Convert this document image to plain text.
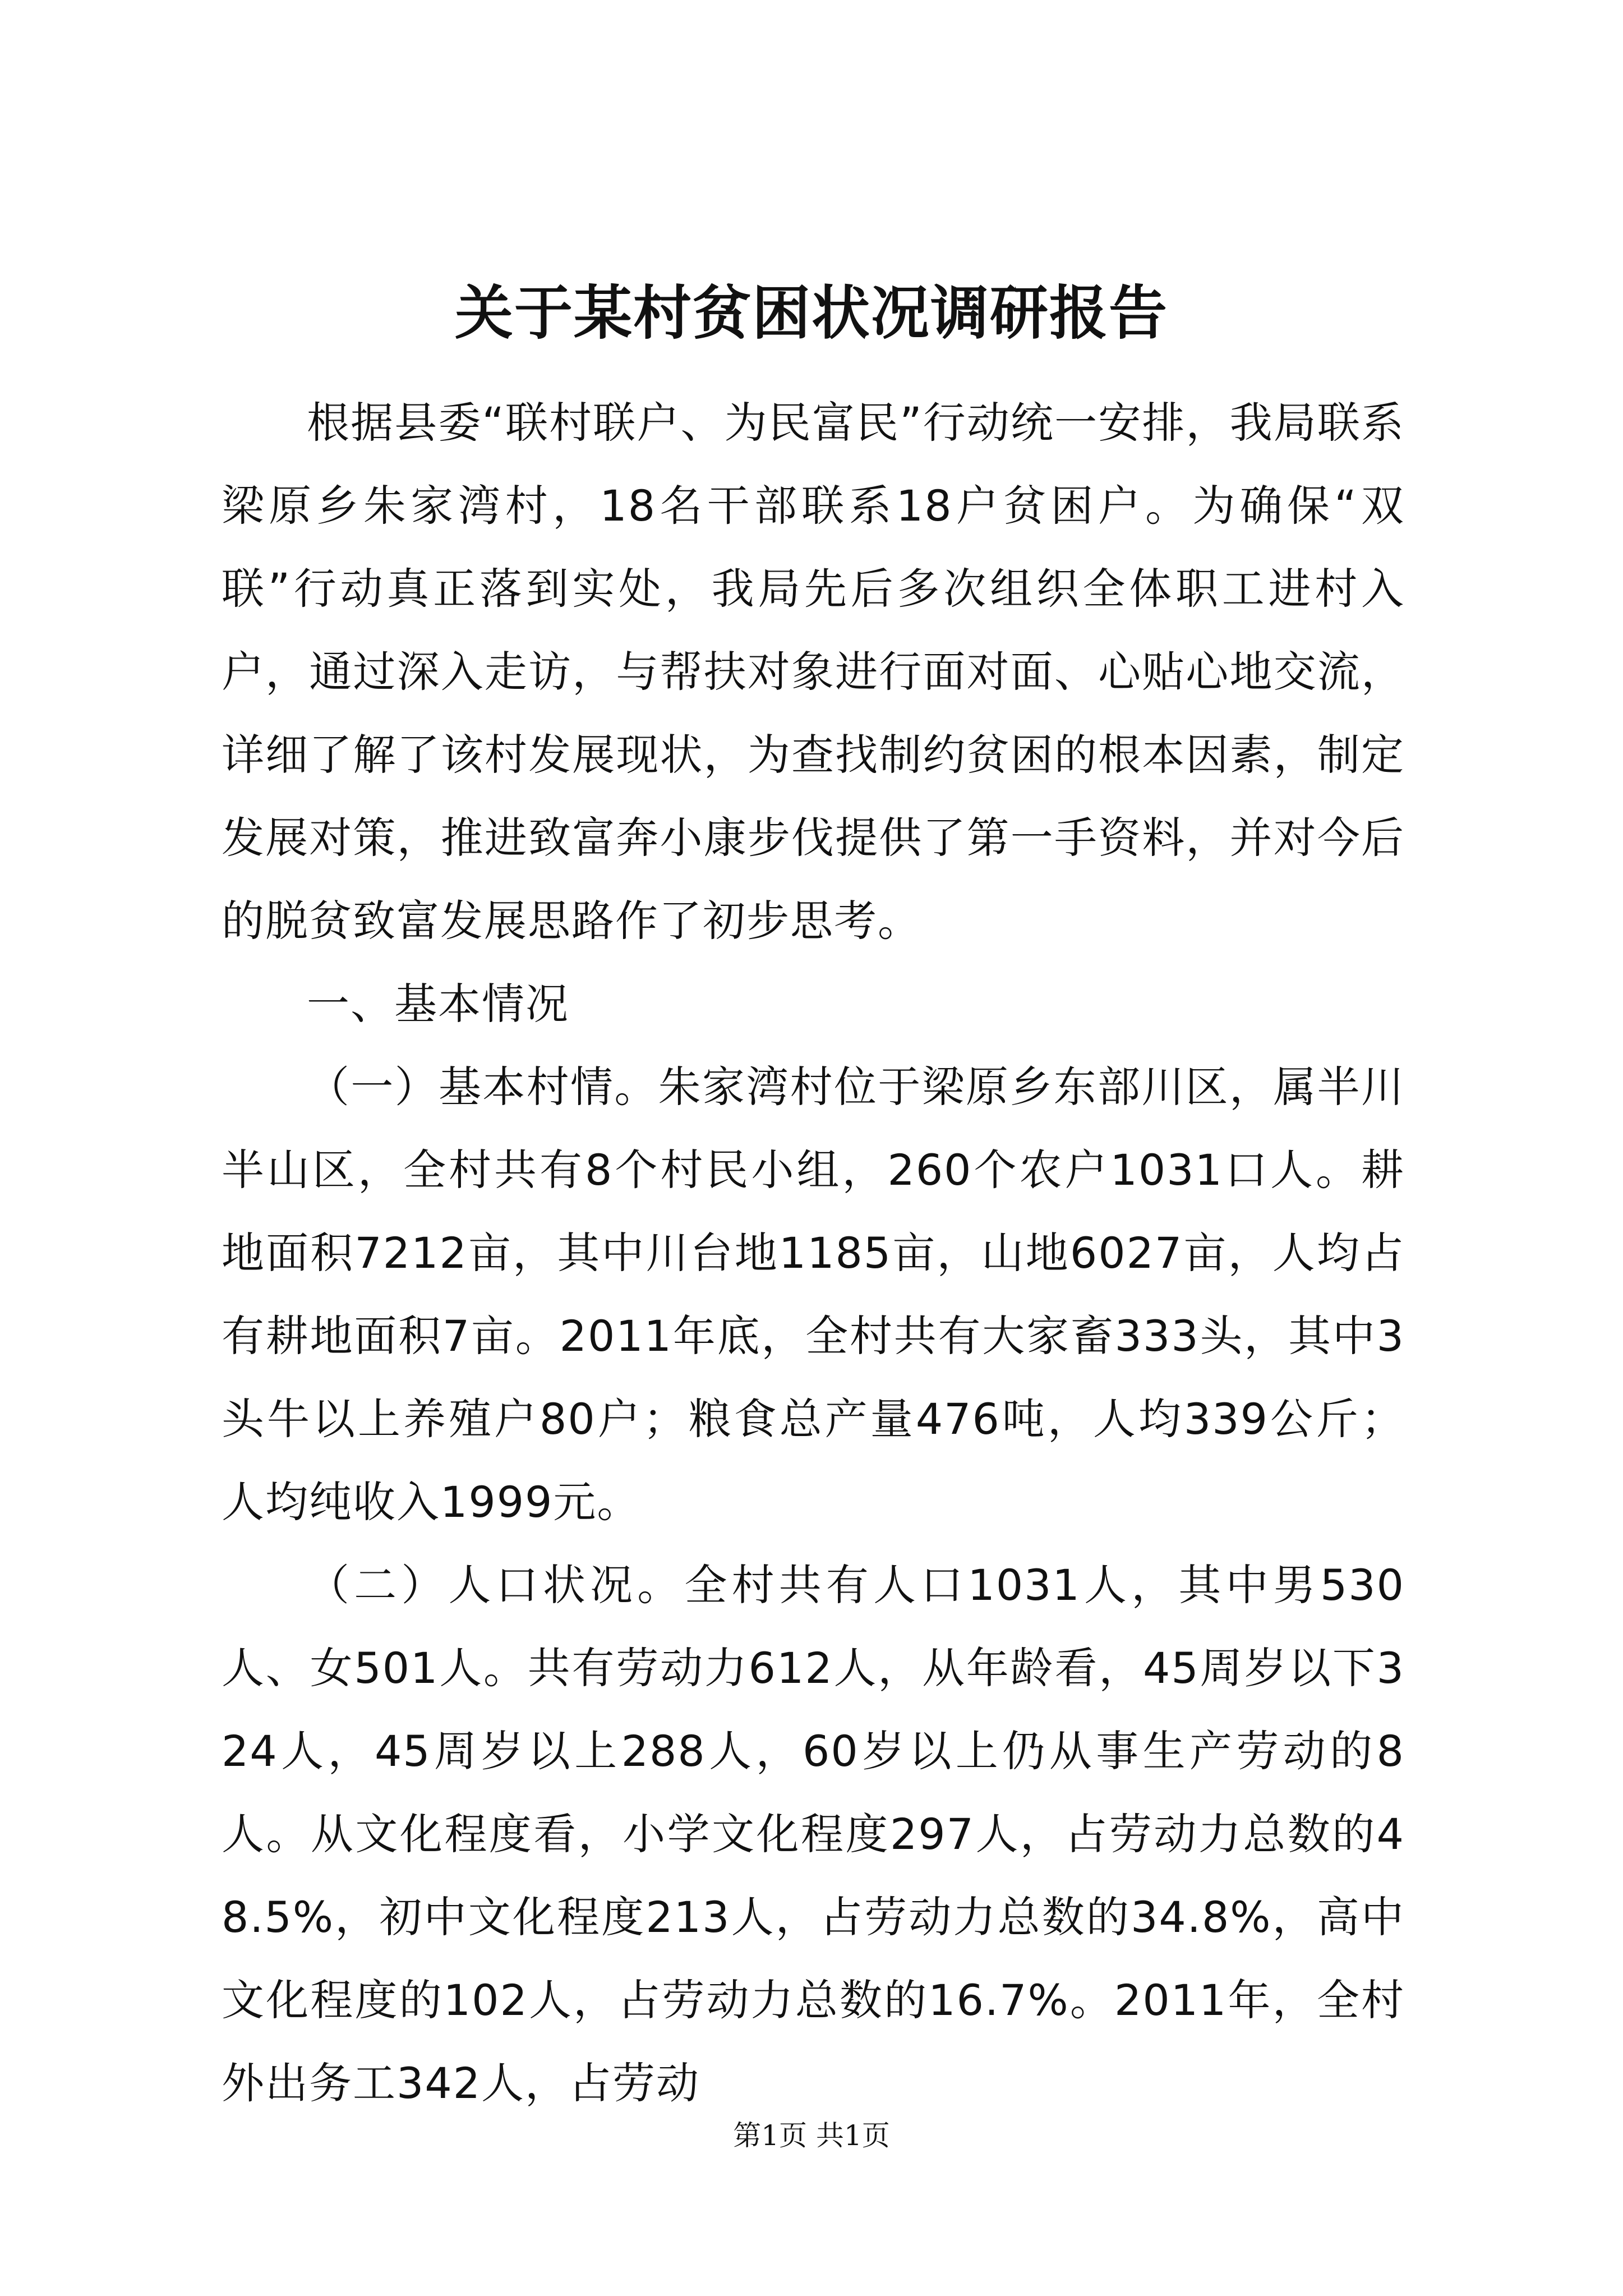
关于某村贫困状况调研报告

根据县委“联村联户、为民富民”行动统一安排，我局联系梁原乡朱家湾村，18名干部联系18户贫困户。为确保“双联”行动真正落到实处，我局先后多次组织全体职工进村入户，通过深入走访，与帮扶对象进行面对面、心贴心地交流，详细了解了该村发展现状，为查找制约贫困的根本因素，制定发展对策，推进致富奔小康步伐提供了第一手资料，并对今后的脱贫致富发展思路作了初步思考。

一、基本情况

（一）基本村情。朱家湾村位于梁原乡东部川区，属半川半山区，全村共有8个村民小组，260个农户1031口人。耕地面积7212亩，其中川台地1185亩，山地6027亩，人均占有耕地面积7亩。2011年底，全村共有大家畜333头，其中3头牛以上养殖户80户；粮食总产量476吨，人均339公斤；人均纯收入1999元。

（二）人口状况。全村共有人口1031人，其中男530人、女501人。共有劳动力612人，从年龄看，45周岁以下324人，45周岁以上288人，60岁以上仍从事生产劳动的8人。从文化程度看，小学文化程度297人，占劳动力总数的48.5%，初中文化程度213人，占劳动力总数的34.8%，高中文化程度的102人，占劳动力总数的16.7%。2011年，全村外出务工342人，占劳动

第1页 共1页
